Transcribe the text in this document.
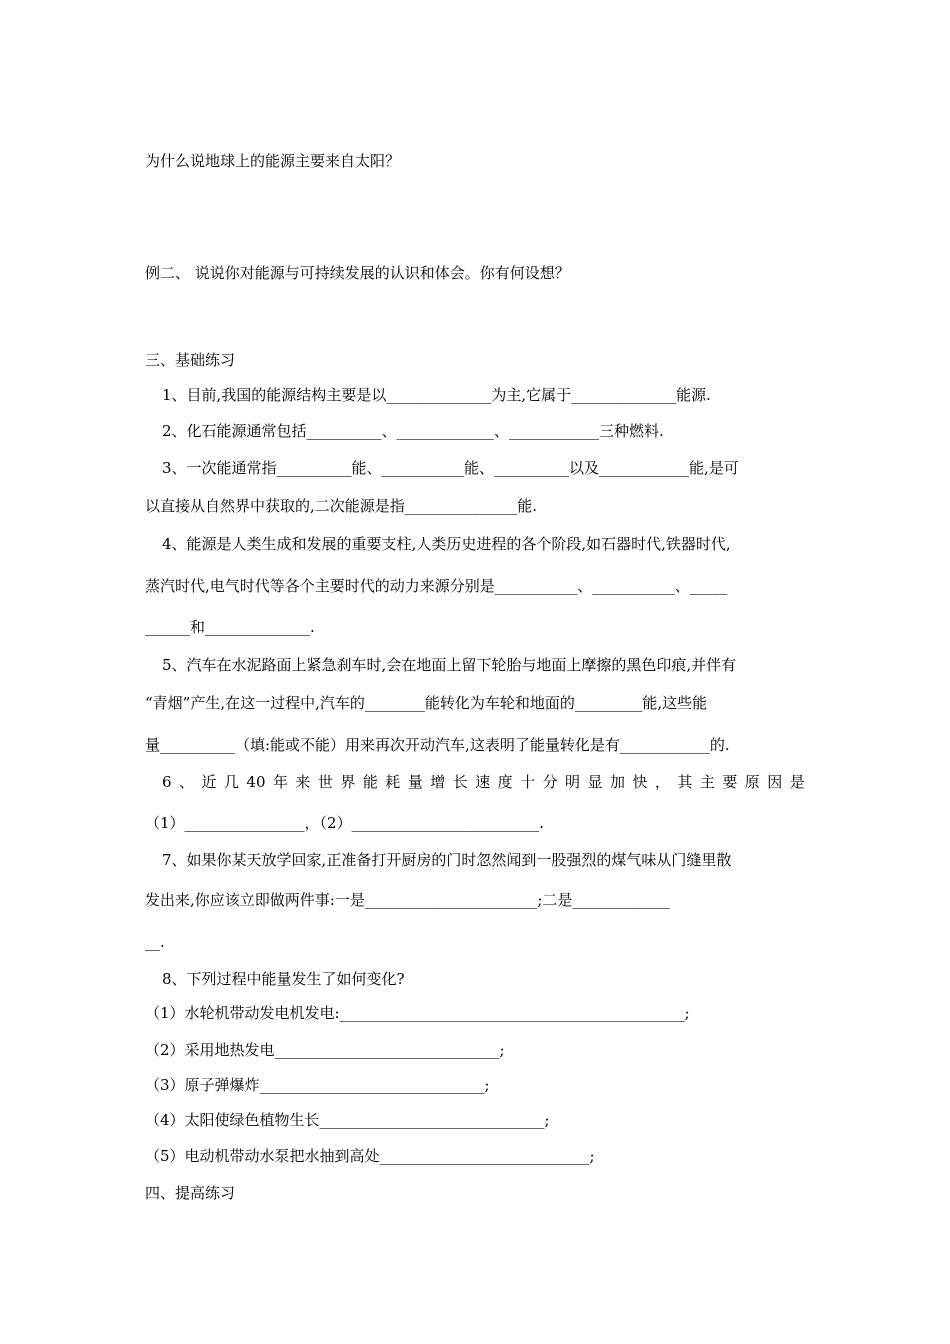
为什么说地球上的能源主要来自太阳？
例二、 说说你对能源与可持续发展的认识和体会。你有何设想？
三、基础练习
1、目前,我国的能源结构主要是以______________为主,它属于______________能源.
2、化石能源通常包括__________、_____________、____________三种燃料.
3、一次能通常指__________能、___________能、__________以及____________能,是可
以直接从自然界中获取的,二次能源是指_______________能.
4、能源是人类生成和发展的重要支柱,人类历史进程的各个阶段,如石器时代,铁器时代,
蒸汽时代,电气时代等各个主要时代的动力来源分别是___________、___________、_____
______和______________.
5、汽车在水泥路面上紧急刹车时,会在地面上留下轮胎与地面上摩擦的黑色印痕,并伴有
“青烟”产生,在这一过程中,汽车的________能转化为车轮和地面的_________能,这些能
量__________（填:能或不能）用来再次开动汽车,这表明了能量转化是有____________的.
6 、 近 几 40 年 来 世 界 能 耗 量 增 长 速 度 十 分 明 显 加 快 ， 其 主 要 原 因 是
（1）________________，（2）_________________________.
7、如果你某天放学回家,正准备打开厨房的门时忽然闻到一股强烈的煤气味从门缝里散
发出来,你应该立即做两件事:一是_______________________;二是_____________
__.
8、下列过程中能量发生了如何变化?
（1）水轮机带动发电机发电:______________________________________________;
（2）采用地热发电______________________________;
（3）原子弹爆炸______________________________;
（4）太阳使绿色植物生长______________________________;
（5）电动机带动水泵把水抽到高处____________________________;
四、提高练习
